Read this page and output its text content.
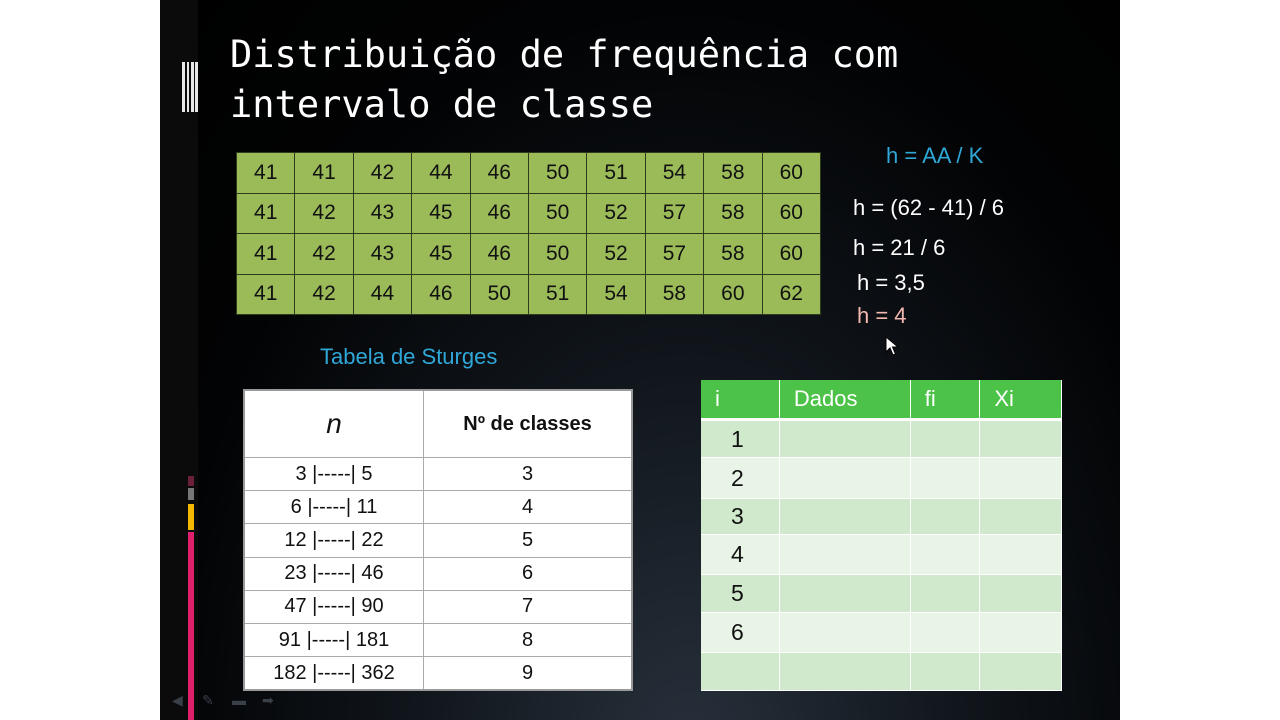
Distribuição de frequência com
intervalo de classe
41	41	42	44	46	50	51	54	58	60
41	42	43	45	46	50	52	57	58	60
41	42	43	45	46	50	52	57	58	60
41	42	44	46	50	51	54	58	60	62
h = AA / K
h = (62 - 41) / 6
h = 21 / 6
h = 3,5
h = 4
Tabela de Sturges
n	Nº de classes
3 |-----| 5	3
6 |-----| 11	4
12 |-----| 22	5
23 |-----| 46	6
47 |-----| 90	7
91 |-----| 181	8
182 |-----| 362	9
i	Dados	fi	Xi
1			
2			
3			
4			
5			
6			

◀ ✎ ▬ ➡
